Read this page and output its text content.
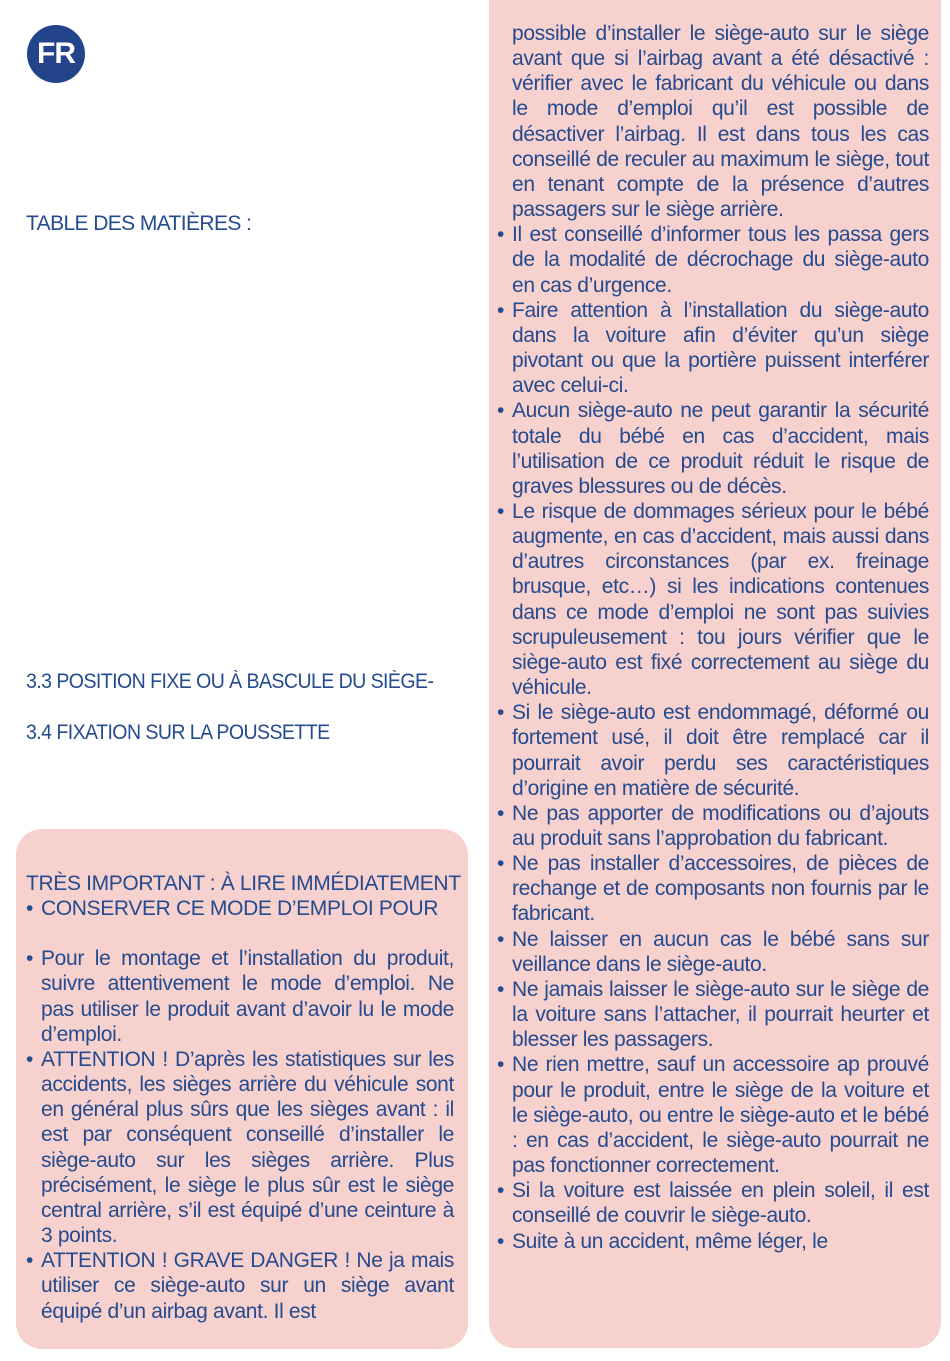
FR
TABLE DES MATIÈRES :
3.3 POSITION FIXE OU À BASCULE DU SIÈGE-
3.4 FIXATION SUR LA POUSSETTE
TRÈS IMPORTANT : À LIRE IMMÉDIATEMENT
• CONSERVER CE MODE D’EMPLOI POUR
• Pour le montage et l’installation du produit, suivre attentivement le mode d’emploi. Ne pas utiliser le produit avant d’avoir lu le mode d’emploi.
• ATTENTION ! D’après les statistiques sur les accidents, les sièges arrière du véhicule sont en général plus sûrs que les sièges avant : il est par conséquent conseillé d’installer le siège-auto sur les sièges arrière. Plus précisément, le siège le plus sûr est le siège central arrière, s’il est équipé d’une ceinture à 3 points.
• ATTENTION ! GRAVE DANGER ! Ne ja mais utiliser ce siège-auto sur un siège avant équipé d’un airbag avant. Il est
possible d’installer le siège-auto sur le siège avant que si l’airbag avant a été désactivé : vérifier avec le fabricant du véhicule ou dans le mode d’emploi qu’il est possible de désactiver l’airbag. Il est dans tous les cas conseillé de reculer au maximum le siège, tout en tenant compte de la présence d’autres passagers sur le siège arrière.
• Il est conseillé d’informer tous les passa gers de la modalité de décrochage du siège-auto en cas d’urgence.
• Faire attention à l’installation du siège-auto dans la voiture afin d’éviter qu’un siège pivotant ou que la portière puissent interférer avec celui-ci.
• Aucun siège-auto ne peut garantir la sécurité totale du bébé en cas d’accident, mais l’utilisation de ce produit réduit le risque de graves blessures ou de décès.
• Le risque de dommages sérieux pour le bébé augmente, en cas d’accident, mais aussi dans d’autres circonstances (par ex. freinage brusque, etc…) si les indications contenues dans ce mode d’emploi ne sont pas suivies scrupuleusement : tou jours vérifier que le siège-auto est fixé correctement au siège du véhicule.
• Si le siège-auto est endommagé, déformé ou fortement usé, il doit être remplacé car il pourrait avoir perdu ses caractéristiques d’origine en matière de sécurité.
• Ne pas apporter de modifications ou d’ajouts au produit sans l’approbation du fabricant.
• Ne pas installer d’accessoires, de pièces de rechange et de composants non fournis par le fabricant.
• Ne laisser en aucun cas le bébé sans sur veillance dans le siège-auto.
• Ne jamais laisser le siège-auto sur le siège de la voiture sans l’attacher, il pourrait heurter et blesser les passagers.
• Ne rien mettre, sauf un accessoire ap prouvé pour le produit, entre le siège de la voiture et le siège-auto, ou entre le siège-auto et le bébé : en cas d’accident, le siège-auto pourrait ne pas fonctionner correctement.
• Si la voiture est laissée en plein soleil, il est conseillé de couvrir le siège-auto.
• Suite à un accident, même léger, le
